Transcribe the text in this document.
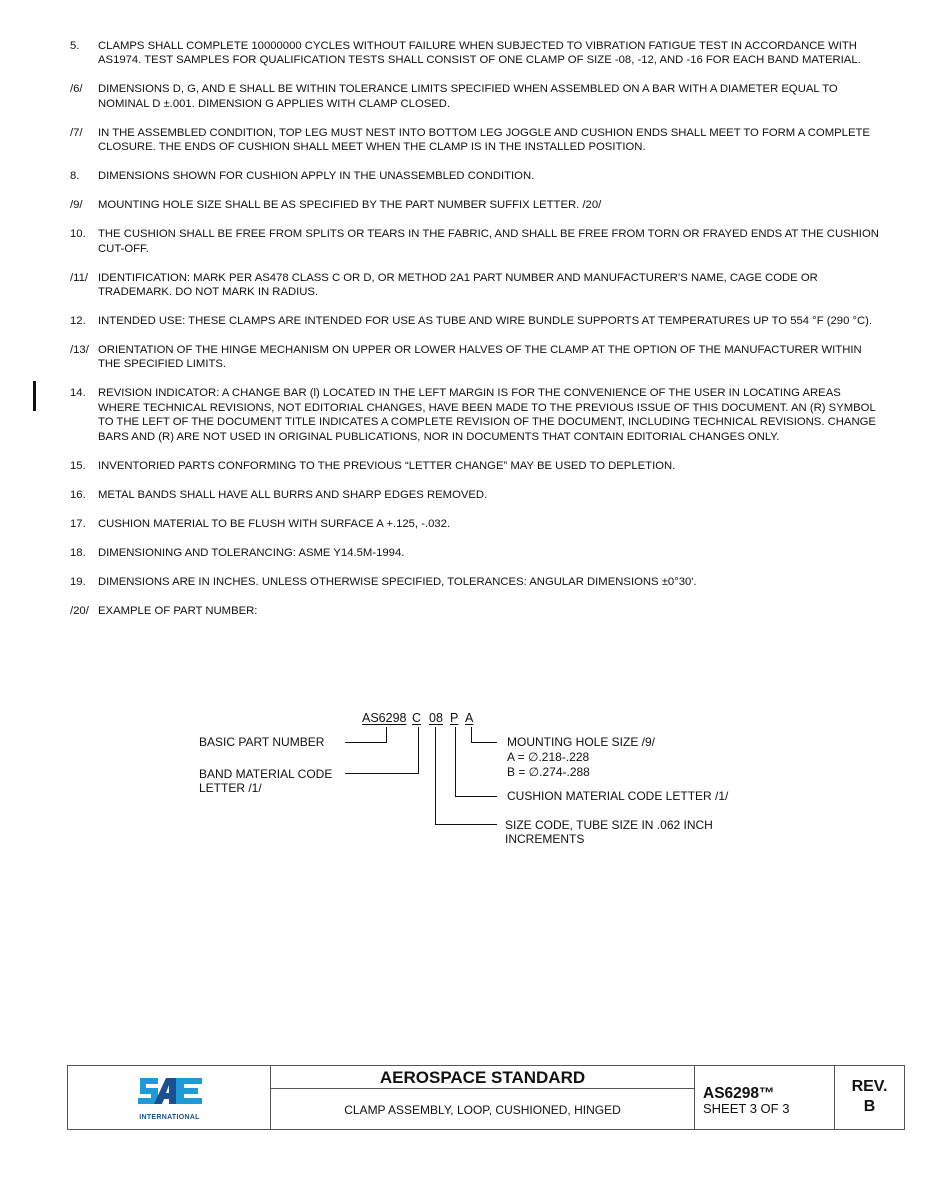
5.	CLAMPS SHALL COMPLETE 10000000 CYCLES WITHOUT FAILURE WHEN SUBJECTED TO VIBRATION FATIGUE TEST IN ACCORDANCE WITH AS1974. TEST SAMPLES FOR QUALIFICATION TESTS SHALL CONSIST OF ONE CLAMP OF SIZE -08, -12, AND -16 FOR EACH BAND MATERIAL.
/6/	DIMENSIONS D, G, AND E SHALL BE WITHIN TOLERANCE LIMITS SPECIFIED WHEN ASSEMBLED ON A BAR WITH A DIAMETER EQUAL TO NOMINAL D ±.001. DIMENSION G APPLIES WITH CLAMP CLOSED.
/7/	IN THE ASSEMBLED CONDITION, TOP LEG MUST NEST INTO BOTTOM LEG JOGGLE AND CUSHION ENDS SHALL MEET TO FORM A COMPLETE CLOSURE. THE ENDS OF CUSHION SHALL MEET WHEN THE CLAMP IS IN THE INSTALLED POSITION.
8.	DIMENSIONS SHOWN FOR CUSHION APPLY IN THE UNASSEMBLED CONDITION.
/9/	MOUNTING HOLE SIZE SHALL BE AS SPECIFIED BY THE PART NUMBER SUFFIX LETTER. /20/
10.	THE CUSHION SHALL BE FREE FROM SPLITS OR TEARS IN THE FABRIC, AND SHALL BE FREE FROM TORN OR FRAYED ENDS AT THE CUSHION CUT-OFF.
/11/ IDENTIFICATION: MARK PER AS478 CLASS C OR D, OR METHOD 2A1 PART NUMBER AND MANUFACTURER’S NAME, CAGE CODE OR TRADEMARK. DO NOT MARK IN RADIUS.
12.	INTENDED USE: THESE CLAMPS ARE INTENDED FOR USE AS TUBE AND WIRE BUNDLE SUPPORTS AT TEMPERATURES UP TO 554 °F (290 °C).
/13/ ORIENTATION OF THE HINGE MECHANISM ON UPPER OR LOWER HALVES OF THE CLAMP AT THE OPTION OF THE MANUFACTURER WITHIN THE SPECIFIED LIMITS.
14.	REVISION INDICATOR: A CHANGE BAR (l) LOCATED IN THE LEFT MARGIN IS FOR THE CONVENIENCE OF THE USER IN LOCATING AREAS WHERE TECHNICAL REVISIONS, NOT EDITORIAL CHANGES, HAVE BEEN MADE TO THE PREVIOUS ISSUE OF THIS DOCUMENT. AN (R) SYMBOL TO THE LEFT OF THE DOCUMENT TITLE INDICATES A COMPLETE REVISION OF THE DOCUMENT, INCLUDING TECHNICAL REVISIONS. CHANGE BARS AND (R) ARE NOT USED IN ORIGINAL PUBLICATIONS, NOR IN DOCUMENTS THAT CONTAIN EDITORIAL CHANGES ONLY.
15.	INVENTORIED PARTS CONFORMING TO THE PREVIOUS “LETTER CHANGE” MAY BE USED TO DEPLETION.
16.	METAL BANDS SHALL HAVE ALL BURRS AND SHARP EDGES REMOVED.
17.	CUSHION MATERIAL TO BE FLUSH WITH SURFACE A +.125, -.032.
18.	DIMENSIONING AND TOLERANCING: ASME Y14.5M-1994.
19.	DIMENSIONS ARE IN INCHES. UNLESS OTHERWISE SPECIFIED, TOLERANCES: ANGULAR DIMENSIONS ±0°30'.
/20/ EXAMPLE OF PART NUMBER:
AS6298 C 08 P A
BASIC PART NUMBER
BAND MATERIAL CODE
LETTER /1/
MOUNTING HOLE SIZE /9/
A = ∅.218-.228
B = ∅.274-.288
CUSHION MATERIAL CODE LETTER /1/
SIZE CODE, TUBE SIZE IN .062 INCH
INCREMENTS
INTERNATIONAL
AEROSPACE STANDARD
CLAMP ASSEMBLY, LOOP, CUSHIONED, HINGED
AS6298™
SHEET 3 OF 3
REV.
B
